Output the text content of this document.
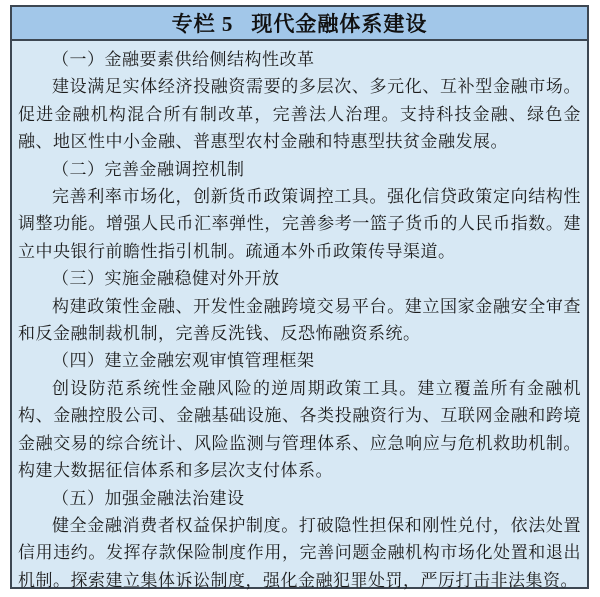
专栏 5 现代金融体系建设

（一）金融要素供给侧结构性改革

建设满足实体经济投融资需要的多层次、多元化、互补型金融市场。促进金融机构混合所有制改革，完善法人治理。支持科技金融、绿色金融、地区性中小金融、普惠型农村金融和特惠型扶贫金融发展。

（二）完善金融调控机制

完善利率市场化，创新货币政策调控工具。强化信贷政策定向结构性调整功能。增强人民币汇率弹性，完善参考一篮子货币的人民币指数。建立中央银行前瞻性指引机制。疏通本外币政策传导渠道。

（三）实施金融稳健对外开放

构建政策性金融、开发性金融跨境交易平台。建立国家金融安全审查和反金融制裁机制，完善反洗钱、反恐怖融资系统。

（四）建立金融宏观审慎管理框架

创设防范系统性金融风险的逆周期政策工具。建立覆盖所有金融机构、金融控股公司、金融基础设施、各类投融资行为、互联网金融和跨境金融交易的综合统计、风险监测与管理体系、应急响应与危机救助机制。构建大数据征信体系和多层次支付体系。

（五）加强金融法治建设

健全金融消费者权益保护制度。打破隐性担保和刚性兑付，依法处置信用违约。发挥存款保险制度作用，完善问题金融机构市场化处置和退出机制。探索建立集体诉讼制度，强化金融犯罪处罚，严厉打击非法集资。
